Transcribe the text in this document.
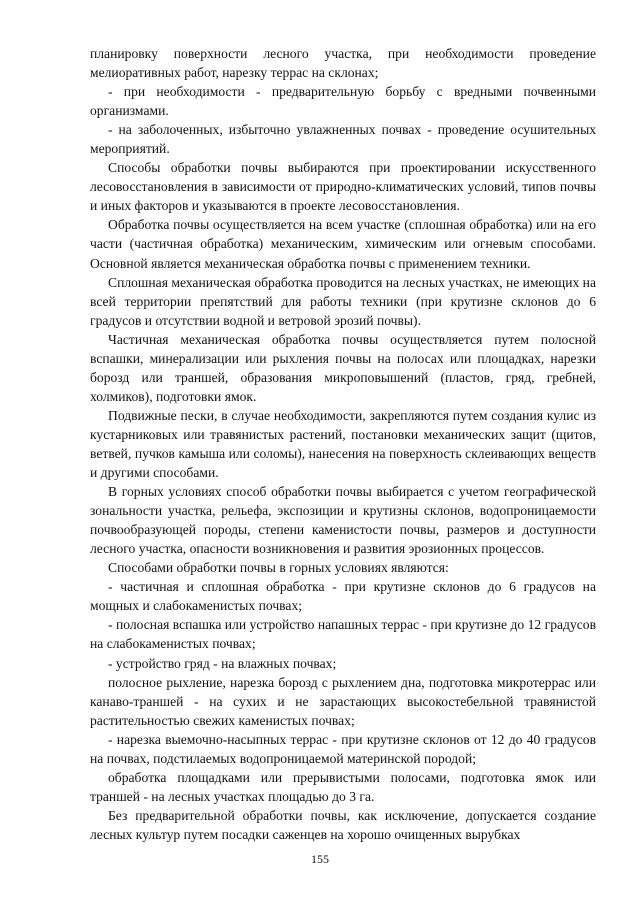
планировку поверхности лесного участка, при необходимости проведение мелиоративных работ, нарезку террас на склонах;

- при необходимости - предварительную борьбу с вредными почвенными организмами.

- на заболоченных, избыточно увлажненных почвах - проведение осушительных мероприятий.

Способы обработки почвы выбираются при проектировании искусственного лесовосстановления в зависимости от природно-климатических условий, типов почвы и иных факторов и указываются в проекте лесовосстановления.

Обработка почвы осуществляется на всем участке (сплошная обработка) или на его части (частичная обработка) механическим, химическим или огневым способами. Основной является механическая обработка почвы с применением техники.

Сплошная механическая обработка проводится на лесных участках, не имеющих на всей территории препятствий для работы техники (при крутизне склонов до 6 градусов и отсутствии водной и ветровой эрозий почвы).

Частичная механическая обработка почвы осуществляется путем полосной вспашки, минерализации или рыхления почвы на полосах или площадках, нарезки борозд или траншей, образования микроповышений (пластов, гряд, гребней, холмиков), подготовки ямок.

Подвижные пески, в случае необходимости, закрепляются путем создания кулис из кустарниковых или травянистых растений, постановки механических защит (щитов, ветвей, пучков камыша или соломы), нанесения на поверхность склеивающих веществ и другими способами.

В горных условиях способ обработки почвы выбирается с учетом географической зональности участка, рельефа, экспозиции и крутизны склонов, водопроницаемости почвообразующей породы, степени каменистости почвы, размеров и доступности лесного участка, опасности возникновения и развития эрозионных процессов.

Способами обработки почвы в горных условиях являются:

- частичная и сплошная обработка - при крутизне склонов до 6 градусов на мощных и слабокаменистых почвах;

- полосная вспашка или устройство напашных террас - при крутизне до 12 градусов на слабокаменистых почвах;

- устройство гряд - на влажных почвах;

полосное рыхление, нарезка борозд с рыхлением дна, подготовка микротеррас или канаво-траншей - на сухих и не зарастающих высокостебельной травянистой растительностью свежих каменистых почвах;

- нарезка выемочно-насыпных террас - при крутизне склонов от 12 до 40 градусов на почвах, подстилаемых водопроницаемой материнской породой;

обработка площадками или прерывистыми полосами, подготовка ямок или траншей - на лесных участках площадью до 3 га.

Без предварительной обработки почвы, как исключение, допускается создание лесных культур путем посадки саженцев на хорошо очищенных вырубках

155
